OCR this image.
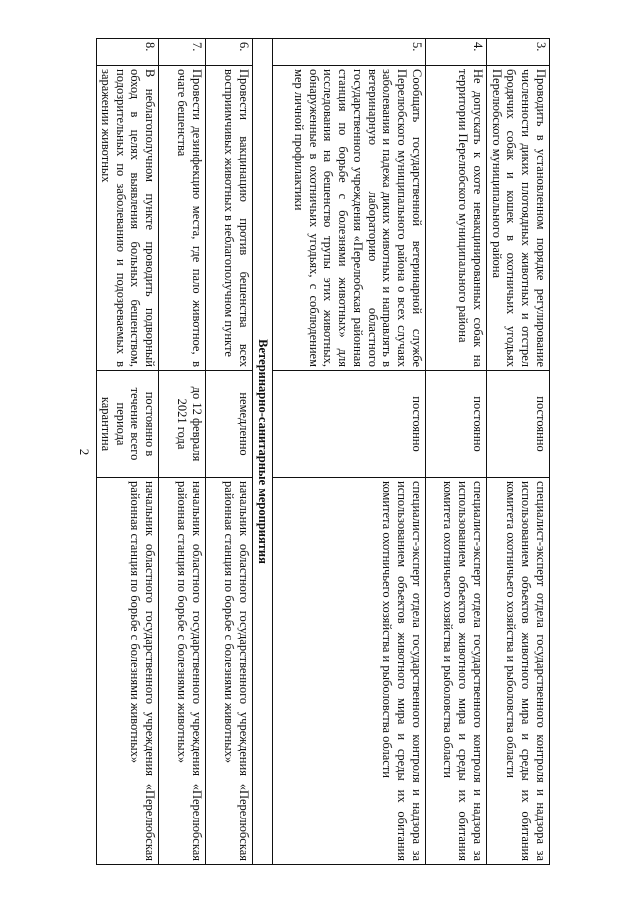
2
3.	Проводить в установленном порядке регулирование численности диких плотоядных животных и отстрел бродячих собак и кошек в охотничьих угодьях Перелюбского муниципального района	постоянно	специалист-эксперт отдела государственного контроля и надзора за использованием объектов животного мира и среды их обитания комитета охотничьего хозяйства и рыболовства области
4.	Не допускать к охоте невакцинированных собак на территории Перелюбского муниципального района	постоянно	специалист-эксперт отдела государственного контроля и надзора за использованием объектов животного мира и среды их обитания комитета охотничьего хозяйства и рыболовства области
5.	Сообщать государственной ветеринарной службе Перелюбского муниципального района о всех случаях заболевания и падежа диких животных и направлять в ветеринарную лабораторию областного государственного учреждения «Перелюбская районная станция по борьбе с болезнями животных» для исследования на бешенство трупы этих животных, обнаруженные в охотничьих угодьях, с соблюдением мер личной профилактики	постоянно	специалист-эксперт отдела государственного контроля и надзора за использованием объектов животного мира и среды их обитания комитета охотничьего хозяйства и рыболовства области
Ветеринарно-санитарные мероприятия			
6.	Провести вакцинацию против бешенства всех восприимчивых животных в неблагополучном пункте	немедленно	начальник областного государственного учреждения «Перелюбская районная станция по борьбе с болезнями животных»
7.	Провести дезинфекцию места, где пало животное, в очаге бешенства	до 12 февраля 2021 года	начальник областного государственного учреждения «Перелюбская районная станция по борьбе с болезнями животных»
8.	В неблагополучном пункте проводить подворный обход в целях выявления больных бешенством, подозрительных по заболеванию и подозреваемых в заражении животных	постоянно в течение всего периода карантина	начальник областного государственного учреждения «Перелюбская районная станция по борьбе с болезнями животных»
